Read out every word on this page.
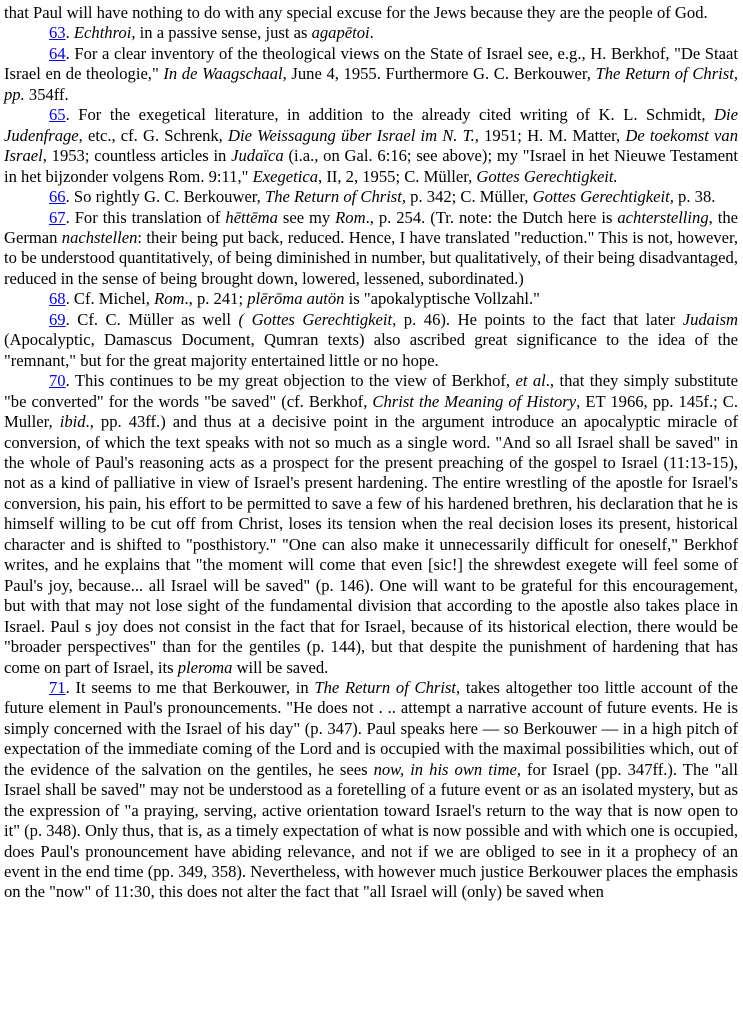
that Paul will have nothing to do with any special excuse for the Jews because they are the people of God.

63. Echthroi, in a passive sense, just as agapētoi.

64. For a clear inventory of the theological views on the State of Israel see, e.g., H. Berkhof, "De Staat Israel en de theologie," In de Waagschaal, June 4, 1955. Furthermore G. C. Berkouwer, The Return of Christ, pp. 354ff.

65. For the exegetical literature, in addition to the already cited writing of K. L. Schmidt, Die Judenfrage, etc., cf. G. Schrenk, Die Weissagung über Israel im N. T., 1951; H. M. Matter, De toekomst van Israel, 1953; countless articles in Judaïca (i.a., on Gal. 6:16; see above); my "Israel in het Nieuwe Testament in het bijzonder volgens Rom. 9:11," Exegetica, II, 2, 1955; C. Müller, Gottes Gerechtigkeit.

66. So rightly G. C. Berkouwer, The Return of Christ, p. 342; C. Müller, Gottes Gerechtigkeit, p. 38.

67. For this translation of hēttēma see my Rom., p. 254. (Tr. note: the Dutch here is achterstelling, the German nachstellen: their being put back, reduced. Hence, I have translated "reduction." This is not, however, to be understood quantitatively, of being diminished in number, but qualitatively, of their being disadvantaged, reduced in the sense of being brought down, lowered, lessened, subordinated.)

68. Cf. Michel, Rom., p. 241; plērōma autön is "apokalyptische Vollzahl."

69. Cf. C. Müller as well ( Gottes Gerechtigkeit, p. 46). He points to the fact that later Judaism (Apocalyptic, Damascus Document, Qumran texts) also ascribed great significance to the idea of the "remnant," but for the great majority entertained little or no hope.

70. This continues to be my great objection to the view of Berkhof, et al., that they simply substitute "be converted" for the words "be saved" (cf. Berkhof, Christ the Meaning of History, ET 1966, pp. 145f.; C. Muller, ibid., pp. 43ff.) and thus at a decisive point in the argument introduce an apocalyptic miracle of conversion, of which the text speaks with not so much as a single word. "And so all Israel shall be saved" in the whole of Paul's reasoning acts as a prospect for the present preaching of the gospel to Israel (11:13-15), not as a kind of palliative in view of Israel's present hardening. The entire wrestling of the apostle for Israel's conversion, his pain, his effort to be permitted to save a few of his hardened brethren, his declaration that he is himself willing to be cut off from Christ, loses its tension when the real decision loses its present, historical character and is shifted to "posthistory." "One can also make it unnecessarily difficult for oneself," Berkhof writes, and he explains that "the moment will come that even [sic!] the shrewdest exegete will feel some of Paul's joy, because... all Israel will be saved" (p. 146). One will want to be grateful for this encouragement, but with that may not lose sight of the fundamental division that according to the apostle also takes place in Israel. Paul s joy does not consist in the fact that for Israel, because of its historical election, there would be "broader perspectives" than for the gentiles (p. 144), but that despite the punishment of hardening that has come on part of Israel, its pleroma will be saved.

71. It seems to me that Berkouwer, in The Return of Christ, takes altogether too little account of the future element in Paul's pronouncements. "He does not . .. attempt a narrative account of future events. He is simply concerned with the Israel of his day" (p. 347). Paul speaks here — so Berkouwer — in a high pitch of expectation of the immediate coming of the Lord and is occupied with the maximal possibilities which, out of the evidence of the salvation on the gentiles, he sees now, in his own time, for Israel (pp. 347ff.). The "all Israel shall be saved" may not be understood as a foretelling of a future event or as an isolated mystery, but as the expression of "a praying, serving, active orientation toward Israel's return to the way that is now open to it" (p. 348). Only thus, that is, as a timely expectation of what is now possible and with which one is occupied, does Paul's pronouncement have abiding relevance, and not if we are obliged to see in it a prophecy of an event in the end time (pp. 349, 358). Nevertheless, with however much justice Berkouwer places the emphasis on the "now" of 11:30, this does not alter the fact that "all Israel will (only) be saved when
